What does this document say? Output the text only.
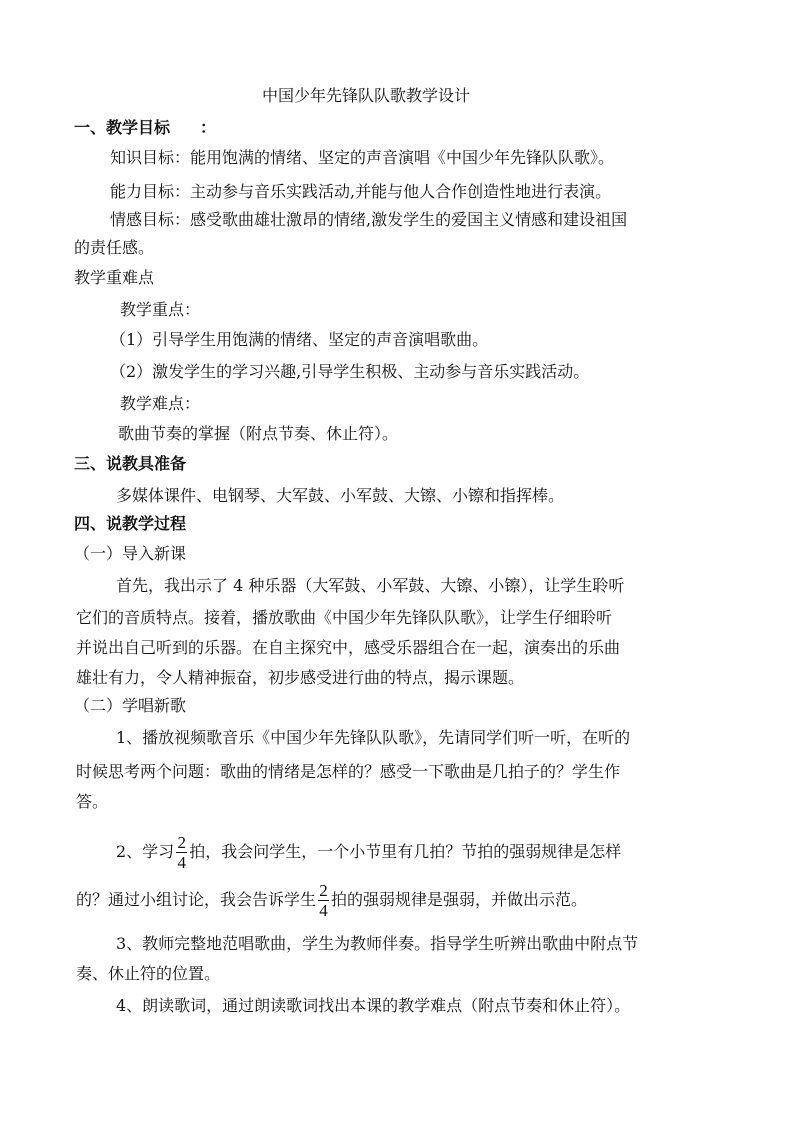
中国少年先锋队队歌教学设计
一、教学目标 ：
知识目标：能用饱满的情绪、坚定的声音演唱《中国少年先锋队队歌》。
能力目标：主动参与音乐实践活动,并能与他人合作创造性地进行表演。
情感目标：感受歌曲雄壮激昂的情绪,激发学生的爱国主义情感和建设祖国
的责任感。
教学重难点
教学重点：
（1）引导学生用饱满的情绪、坚定的声音演唱歌曲。
（2）激发学生的学习兴趣,引导学生积极、主动参与音乐实践活动。
教学难点：
歌曲节奏的掌握（附点节奏、休止符）。
三、说教具准备
多媒体课件、电钢琴、大军鼓、小军鼓、大镲、小镲和指挥棒。
四、说教学过程
（一）导入新课
首先，我出示了 4 种乐器（大军鼓、小军鼓、大镲、小镲），让学生聆听
它们的音质特点。接着，播放歌曲《中国少年先锋队队歌》，让学生仔细聆听
并说出自己听到的乐器。在自主探究中，感受乐器组合在一起，演奏出的乐曲
雄壮有力，令人精神振奋，初步感受进行曲的特点，揭示课题。
（二）学唱新歌
1、播放视频歌音乐《中国少年先锋队队歌》，先请同学们听一听，在听的
时候思考两个问题：歌曲的情绪是怎样的？感受一下歌曲是几拍子的？学生作
答。
2、学习 $\frac{2}{4}$ 拍，我会问学生，一个小节里有几拍？节拍的强弱规律是怎样
的？通过小组讨论，我会告诉学生 $\frac{2}{4}$ 拍的强弱规律是强弱，并做出示范。
3、教师完整地范唱歌曲，学生为教师伴奏。指导学生听辨出歌曲中附点节
奏、休止符的位置。
4、朗读歌词，通过朗读歌词找出本课的教学难点（附点节奏和休止符）。
